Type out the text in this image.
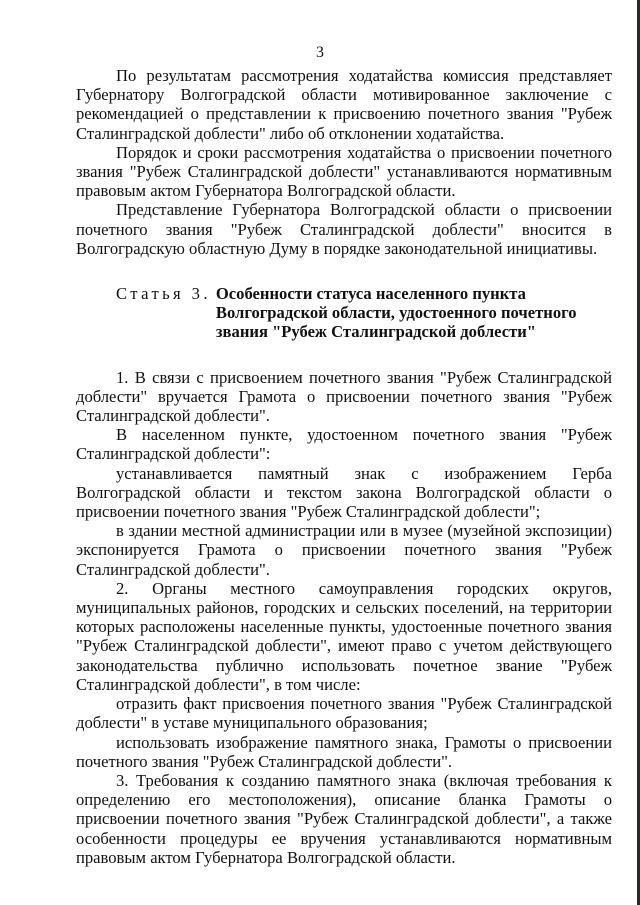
3

По результатам рассмотрения ходатайства комиссия представляет Губернатору Волгоградской области мотивированное заключение с рекомендацией о представлении к присвоению почетного звания "Рубеж Сталинградской доблести" либо об отклонении ходатайства.

Порядок и сроки рассмотрения ходатайства о присвоении почетного звания "Рубеж Сталинградской доблести" устанавливаются нормативным правовым актом Губернатора Волгоградской области.

Представление Губернатора Волгоградской области о присвоении почетного звания "Рубеж Сталинградской доблести" вносится в Волгоградскую областную Думу в порядке законодательной инициативы.

Статья 3. Особенности статуса населенного пункта Волгоградской области, удостоенного почетного звания "Рубеж Сталинградской доблести"

1. В связи с присвоением почетного звания "Рубеж Сталинградской доблести" вручается Грамота о присвоении почетного звания "Рубеж Сталинградской доблести".

В населенном пункте, удостоенном почетного звания "Рубеж Сталинградской доблести":

устанавливается памятный знак с изображением Герба Волгоградской области и текстом закона Волгоградской области о присвоении почетного звания "Рубеж Сталинградской доблести";

в здании местной администрации или в музее (музейной экспозиции) экспонируется Грамота о присвоении почетного звания "Рубеж Сталинградской доблести".

2. Органы местного самоуправления городских округов, муниципальных районов, городских и сельских поселений, на территории которых расположены населенные пункты, удостоенные почетного звания "Рубеж Сталинградской доблести", имеют право с учетом действующего законодательства публично использовать почетное звание "Рубеж Сталинградской доблести", в том числе:

отразить факт присвоения почетного звания "Рубеж Сталинградской доблести" в уставе муниципального образования;

использовать изображение памятного знака, Грамоты о присвоении почетного звания "Рубеж Сталинградской доблести".

3. Требования к созданию памятного знака (включая требования к определению его местоположения), описание бланка Грамоты о присвоении почетного звания "Рубеж Сталинградской доблести", а также особенности процедуры ее вручения устанавливаются нормативным правовым актом Губернатора Волгоградской области.
